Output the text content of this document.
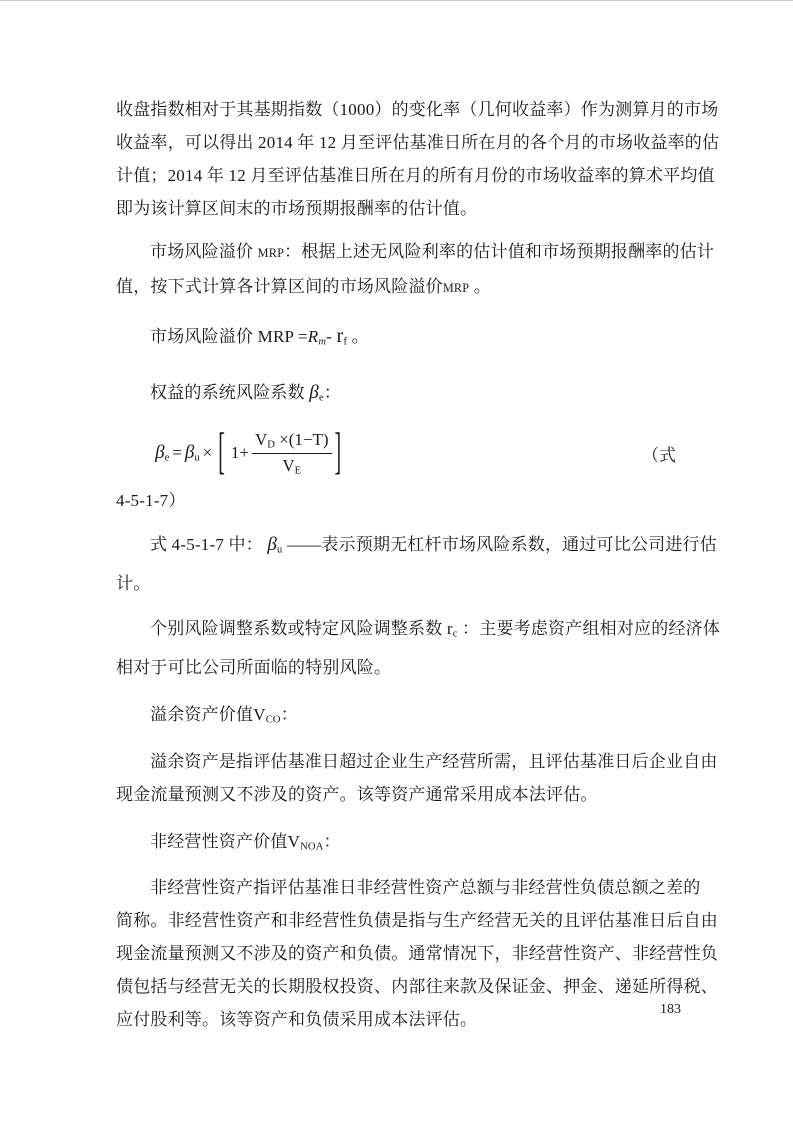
收盘指数相对于其基期指数（1000）的变化率（几何收益率）作为测算月的市场
收益率，可以得出 2014 年 12 月至评估基准日所在月的各个月的市场收益率的估
计值；2014 年 12 月至评估基准日所在月的所有月份的市场收益率的算术平均值
即为该计算区间末的市场预期报酬率的估计值。
市场风险溢价 MRP：根据上述无风险利率的估计值和市场预期报酬率的估计
值，按下式计算各计算区间的市场风险溢价MRP 。
市场风险溢价 MRP =Rm- rf 。
权益的系统风险系数 βe：
βe = βu × [ $1+ \frac{VD \times(1-T)}{VE}$ ]	（式
4-5-1-7）
式 4-5-1-7 中： βu ——表示预期无杠杆市场风险系数，通过可比公司进行估
计。
个别风险调整系数或特定风险调整系数 rc ：主要考虑资产组相对应的经济体
相对于可比公司所面临的特别风险。
溢余资产价值VCO：
溢余资产是指评估基准日超过企业生产经营所需，且评估基准日后企业自由
现金流量预测又不涉及的资产。该等资产通常采用成本法评估。
非经营性资产价值VNOA：
非经营性资产指评估基准日非经营性资产总额与非经营性负债总额之差的
简称。非经营性资产和非经营性负债是指与生产经营无关的且评估基准日后自由
现金流量预测又不涉及的资产和负债。通常情况下，非经营性资产、非经营性负
债包括与经营无关的长期股权投资、内部往来款及保证金、押金、递延所得税、
应付股利等。该等资产和负债采用成本法评估。
183
